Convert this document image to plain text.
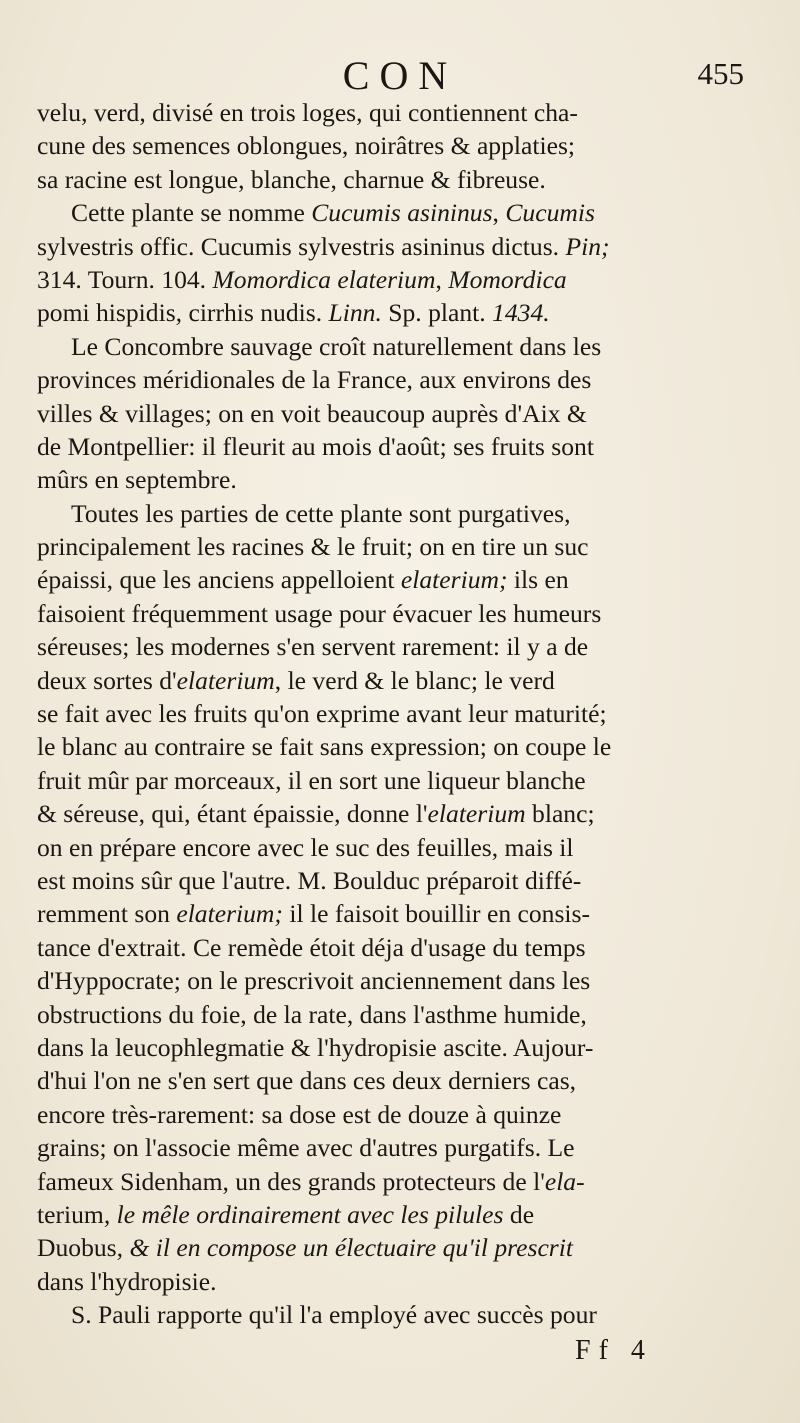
CON	455
velu, verd, divisé en trois loges, qui contiennent cha-
cune des semences oblongues, noirâtres & applaties;
sa racine est longue, blanche, charnue & fibreuse.
Cette plante se nomme Cucumis asininus, Cucumis
sylvestris offic. Cucumis sylvestris asininus dictus. Pin;
314. Tourn. 104. Momordica elaterium, Momordica
pomi hispidis, cirrhis nudis. Linn. Sp. plant. 1434.
Le Concombre sauvage croît naturellement dans les
provinces méridionales de la France, aux environs des
villes & villages; on en voit beaucoup auprès d'Aix &
de Montpellier: il fleurit au mois d'août; ses fruits sont
mûrs en septembre.
Toutes les parties de cette plante sont purgatives,
principalement les racines & le fruit; on en tire un suc
épaissi, que les anciens appelloient elaterium; ils en
faisoient fréquemment usage pour évacuer les humeurs
séreuses; les modernes s'en servent rarement: il y a de
deux sortes d'elaterium, le verd & le blanc; le verd
se fait avec les fruits qu'on exprime avant leur maturité;
le blanc au contraire se fait sans expression; on coupe le
fruit mûr par morceaux, il en sort une liqueur blanche
& séreuse, qui, étant épaissie, donne l'elaterium blanc;
on en prépare encore avec le suc des feuilles, mais il
est moins sûr que l'autre. M. Boulduc préparoit diffé-
remment son elaterium; il le faisoit bouillir en consis-
tance d'extrait. Ce remède étoit déja d'usage du temps
d'Hyppocrate; on le prescrivoit anciennement dans les
obstructions du foie, de la rate, dans l'asthme humide,
dans la leucophlegmatie & l'hydropisie ascite. Aujour-
d'hui l'on ne s'en sert que dans ces deux derniers cas,
encore très-rarement: sa dose est de douze à quinze
grains; on l'associe même avec d'autres purgatifs. Le
fameux Sidenham, un des grands protecteurs de l'ela-
terium, le mêle ordinairement avec les pilules de
Duobus, & il en compose un électuaire qu'il prescrit
dans l'hydropisie.
S. Pauli rapporte qu'il l'a employé avec succès pour
Ff 4
